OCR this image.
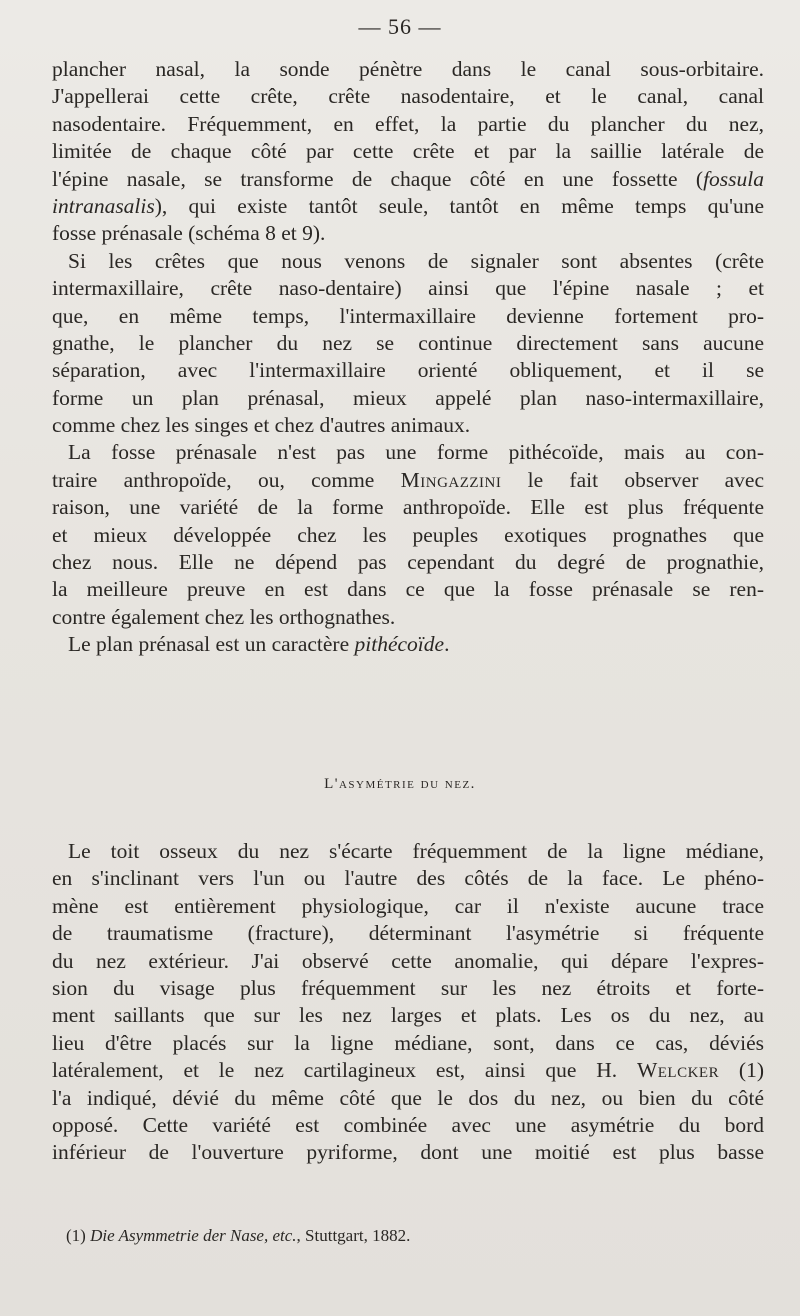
— 56 —
plancher nasal, la sonde pénètre dans le canal sous-orbitaire.
J'appellerai cette crête, crête nasodentaire, et le canal, canal
nasodentaire. Fréquemment, en effet, la partie du plancher du nez,
limitée de chaque côté par cette crête et par la saillie latérale de
l'épine nasale, se transforme de chaque côté en une fossette (fossula
intranasalis), qui existe tantôt seule, tantôt en même temps qu'une
fosse prénasale (schéma 8 et 9).
Si les crêtes que nous venons de signaler sont absentes (crête
intermaxillaire, crête naso-dentaire) ainsi que l'épine nasale ; et
que, en même temps, l'intermaxillaire devienne fortement pro-
gnathe, le plancher du nez se continue directement sans aucune
séparation, avec l'intermaxillaire orienté obliquement, et il se
forme un plan prénasal, mieux appelé plan naso-intermaxillaire,
comme chez les singes et chez d'autres animaux.
La fosse prénasale n'est pas une forme pithécoïde, mais au con-
traire anthropoïde, ou, comme Mingazzini le fait observer avec
raison, une variété de la forme anthropoïde. Elle est plus fréquente
et mieux développée chez les peuples exotiques prognathes que
chez nous. Elle ne dépend pas cependant du degré de prognathie,
la meilleure preuve en est dans ce que la fosse prénasale se ren-
contre également chez les orthognathes.
Le plan prénasal est un caractère pithécoïde.
L'asymétrie du nez.
Le toit osseux du nez s'écarte fréquemment de la ligne médiane,
en s'inclinant vers l'un ou l'autre des côtés de la face. Le phéno-
mène est entièrement physiologique, car il n'existe aucune trace
de traumatisme (fracture), déterminant l'asymétrie si fréquente
du nez extérieur. J'ai observé cette anomalie, qui dépare l'expres-
sion du visage plus fréquemment sur les nez étroits et forte-
ment saillants que sur les nez larges et plats. Les os du nez, au
lieu d'être placés sur la ligne médiane, sont, dans ce cas, déviés
latéralement, et le nez cartilagineux est, ainsi que H. Welcker (1)
l'a indiqué, dévié du même côté que le dos du nez, ou bien du côté
opposé. Cette variété est combinée avec une asymétrie du bord
inférieur de l'ouverture pyriforme, dont une moitié est plus basse
(1) Die Asymmetrie der Nase, etc., Stuttgart, 1882.
